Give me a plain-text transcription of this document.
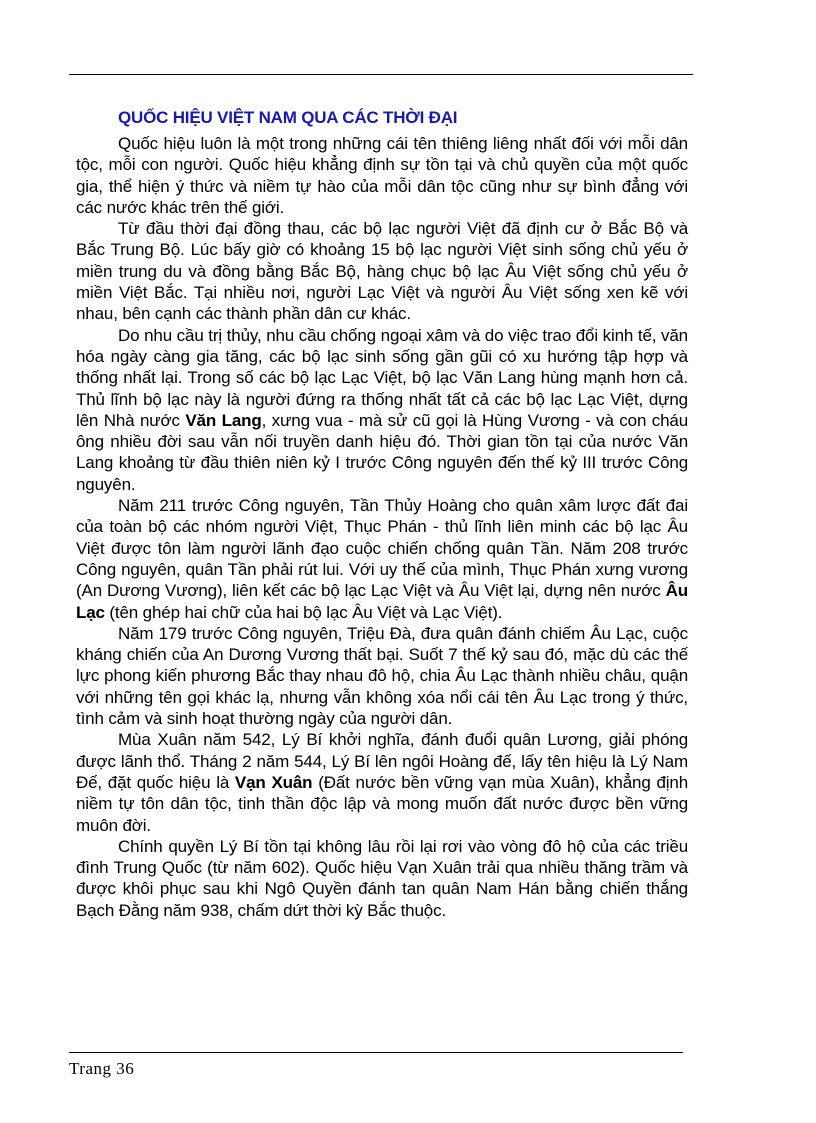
QUỐC HIỆU VIỆT NAM QUA CÁC THỜI ĐẠI

Quốc hiệu luôn là một trong những cái tên thiêng liêng nhất đối với mỗi dân tộc, mỗi con người. Quốc hiệu khẳng định sự tồn tại và chủ quyền của một quốc gia, thể hiện ý thức và niềm tự hào của mỗi dân tộc cũng như sự bình đẳng với các nước khác trên thế giới.

Từ đầu thời đại đồng thau, các bộ lạc người Việt đã định cư ở Bắc Bộ và Bắc Trung Bộ. Lúc bấy giờ có khoảng 15 bộ lạc người Việt sinh sống chủ yếu ở miền trung du và đồng bằng Bắc Bộ, hàng chục bộ lạc Âu Việt sống chủ yếu ở miền Việt Bắc. Tại nhiều nơi, người Lạc Việt và người Âu Việt sống xen kẽ với nhau, bên cạnh các thành phần dân cư khác.

Do nhu cầu trị thủy, nhu cầu chống ngoại xâm và do việc trao đổi kinh tế, văn hóa ngày càng gia tăng, các bộ lạc sinh sống gần gũi có xu hướng tập hợp và thống nhất lại. Trong số các bộ lạc Lạc Việt, bộ lạc Văn Lang hùng mạnh hơn cả. Thủ lĩnh bộ lạc này là người đứng ra thống nhất tất cả các bộ lạc Lạc Việt, dựng lên Nhà nước Văn Lang, xưng vua - mà sử cũ gọi là Hùng Vương - và con cháu ông nhiều đời sau vẫn nối truyền danh hiệu đó. Thời gian tồn tại của nước Văn Lang khoảng từ đầu thiên niên kỷ I trước Công nguyên đến thế kỷ III trước Công nguyên.

Năm 211 trước Công nguyên, Tần Thủy Hoàng cho quân xâm lược đất đai của toàn bộ các nhóm người Việt, Thục Phán - thủ lĩnh liên minh các bộ lạc Âu Việt được tôn làm người lãnh đạo cuộc chiến chống quân Tần. Năm 208 trước Công nguyên, quân Tần phải rút lui. Với uy thế của mình, Thục Phán xưng vương (An Dương Vương), liên kết các bộ lạc Lạc Việt và Âu Việt lại, dựng nên nước Âu Lạc (tên ghép hai chữ của hai bộ lạc Âu Việt và Lạc Việt).

Năm 179 trước Công nguyên, Triệu Đà, đưa quân đánh chiếm Âu Lạc, cuộc kháng chiến của An Dương Vương thất bại. Suốt 7 thế kỷ sau đó, mặc dù các thế lực phong kiến phương Bắc thay nhau đô hộ, chia Âu Lạc thành nhiều châu, quận với những tên gọi khác lạ, nhưng vẫn không xóa nổi cái tên Âu Lạc trong ý thức, tình cảm và sinh hoạt thường ngày của người dân.

Mùa Xuân năm 542, Lý Bí khởi nghĩa, đánh đuổi quân Lương, giải phóng được lãnh thổ. Tháng 2 năm 544, Lý Bí lên ngôi Hoàng đế, lấy tên hiệu là Lý Nam Đế, đặt quốc hiệu là Vạn Xuân (Đất nước bền vững vạn mùa Xuân), khẳng định niềm tự tôn dân tộc, tinh thần độc lập và mong muốn đất nước được bền vững muôn đời.

Chính quyền Lý Bí tồn tại không lâu rồi lại rơi vào vòng đô hộ của các triều đình Trung Quốc (từ năm 602). Quốc hiệu Vạn Xuân trải qua nhiều thăng trầm và được khôi phục sau khi Ngô Quyền đánh tan quân Nam Hán bằng chiến thắng Bạch Đằng năm 938, chấm dứt thời kỳ Bắc thuộc.

Trang 36
